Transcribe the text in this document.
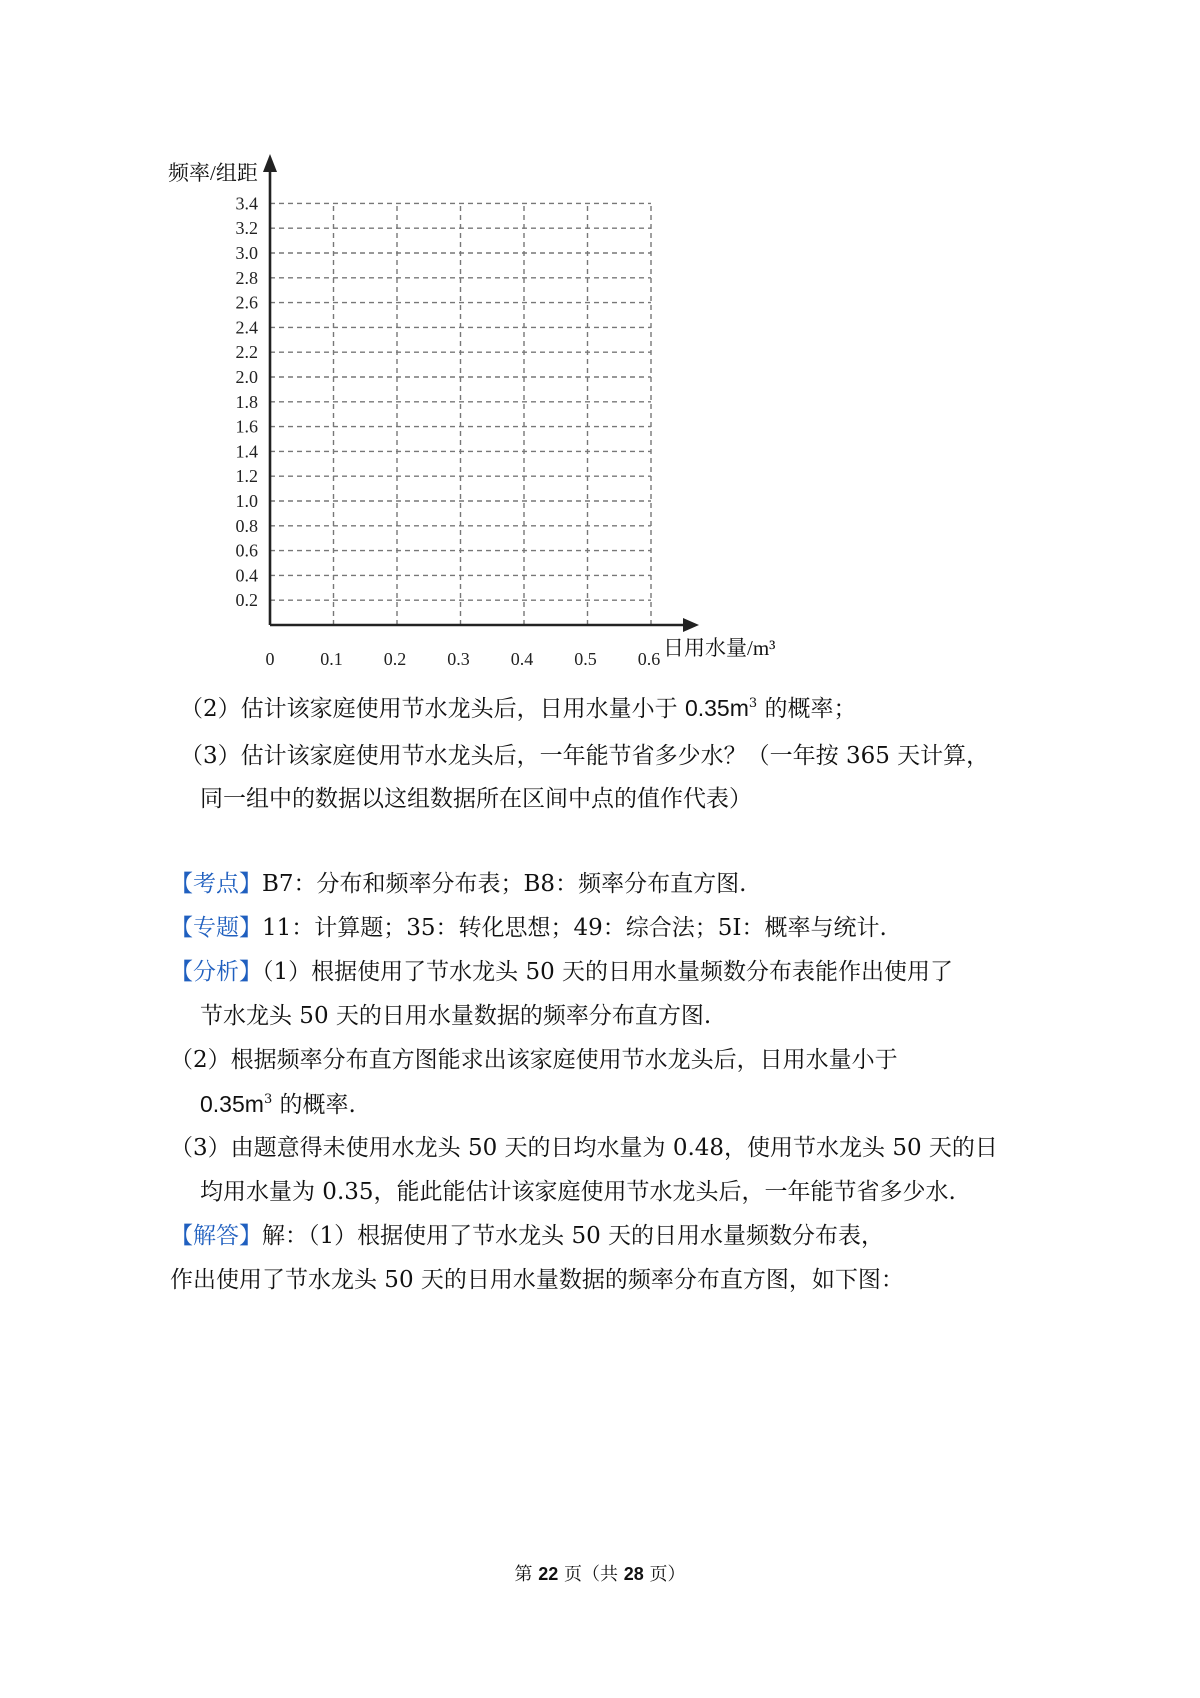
0.2
0.4
0.6
0.8
1.0
1.2
1.4
1.6
1.8
2.0
2.2
2.4
2.6
2.8
3.0
3.2
3.4
0	0.1 0.2 0.3 0.4 0.5 0.6
频率/组距
日用水量/m³
（2）估计该家庭使用节水龙头后，日用水量小于 $0.35m^3$ 的概率；
（3）估计该家庭使用节水龙头后，一年能节省多少水？（一年按 365 天计算，
同一组中的数据以这组数据所在区间中点的值作代表）
【考点】B7：分布和频率分布表；B8：频率分布直方图.
【专题】11：计算题；35：转化思想；49：综合法；5I：概率与统计.
【分析】（1）根据使用了节水龙头 50 天的日用水量频数分布表能作出使用了
节水龙头 50 天的日用水量数据的频率分布直方图.
（2）根据频率分布直方图能求出该家庭使用节水龙头后，日用水量小于
$0.35m^3$ 的概率.
（3）由题意得未使用水龙头 50 天的日均水量为 0.48，使用节水龙头 50 天的日
均用水量为 0.35，能此能估计该家庭使用节水龙头后，一年能节省多少水.
【解答】解：（1）根据使用了节水龙头 50 天的日用水量频数分布表，
作出使用了节水龙头 50 天的日用水量数据的频率分布直方图，如下图：
第 22 页（共 28 页）
